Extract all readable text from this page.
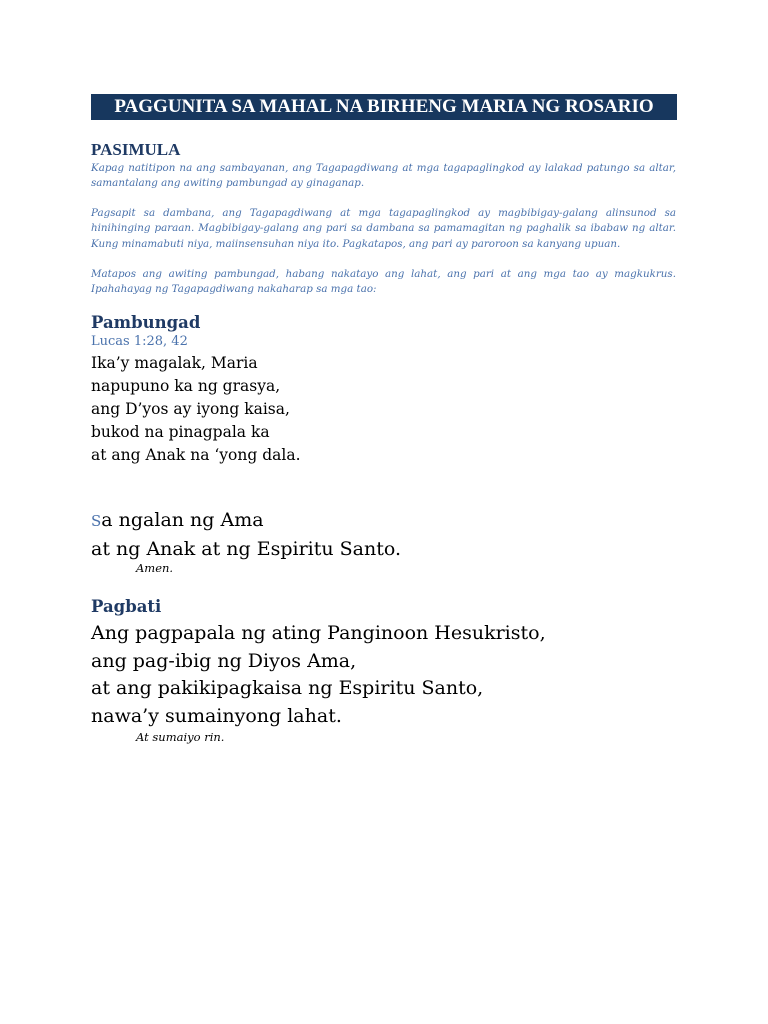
PAGGUNITA SA MAHAL NA BIRHENG MARIA NG ROSARIO
PASIMULA
Kapag natitipon na ang sambayanan, ang Tagapagdiwang at mga tagapaglingkod ay lalakad patungo sa altar, samantalang ang awiting pambungad ay ginaganap.
Pagsapit sa dambana, ang Tagapagdiwang at mga tagapaglingkod ay magbibigay-galang alinsunod sa hinihinging paraan. Magbibigay-galang ang pari sa dambana sa pamamagitan ng paghalik sa ibabaw ng altar. Kung minamabuti niya, maiinsensuhan niya ito. Pagkatapos, ang pari ay paroroon sa kanyang upuan.
Matapos ang awiting pambungad, habang nakatayo ang lahat, ang pari at ang mga tao ay magkukrus. Ipahahayag ng Tagapagdiwang nakaharap sa mga tao:
Pambungad
Lucas 1:28, 42
Ika’y magalak, Maria
napupuno ka ng grasya,
ang D’yos ay iyong kaisa,
bukod na pinagpala ka
at ang Anak na ‘yong dala.
Sa ngalan ng Ama
at ng Anak at ng Espiritu Santo.
Amen.
Pagbati
Ang pagpapala ng ating Panginoon Hesukristo,
ang pag-ibig ng Diyos Ama,
at ang pakikipagkaisa ng Espiritu Santo,
nawa’y sumainyong lahat.
At sumaiyo rin.
